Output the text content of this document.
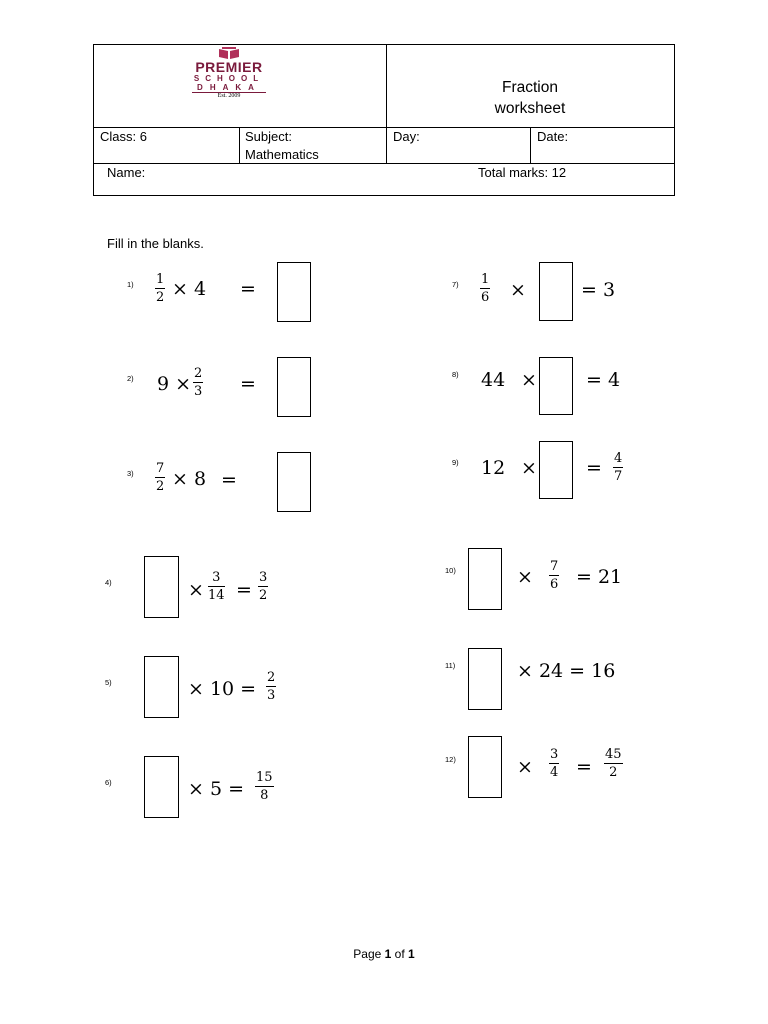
PREMIER
SCHOOL
DHAKA
Est. 2009	Fraction
worksheet
Class: 6	Subject:
Mathematics
Day:	Date:
Name:	Total marks: 12
Fill in the blanks.
$1) \frac{1}{2} \times 4$ =
2) $9 \times \frac{2}{3}$ =
$3) \frac{7}{2} \times 8$ =
4)	× $\frac{3}{14} = \frac{3}{2}$
5)	× $10 = \frac{2}{3}$
6)	× $5 = \frac{15}{8}$
$7) \frac{1}{6}$ ×	= 3
8) 44 ×	= 4
9) 12 ×	= $\frac{4}{7}$
10)	× $\frac{7}{6} = 21$
11)	× 24 = 16
12)	× $\frac{3}{4} = \frac{45}{2}$
Page 1 of 1
